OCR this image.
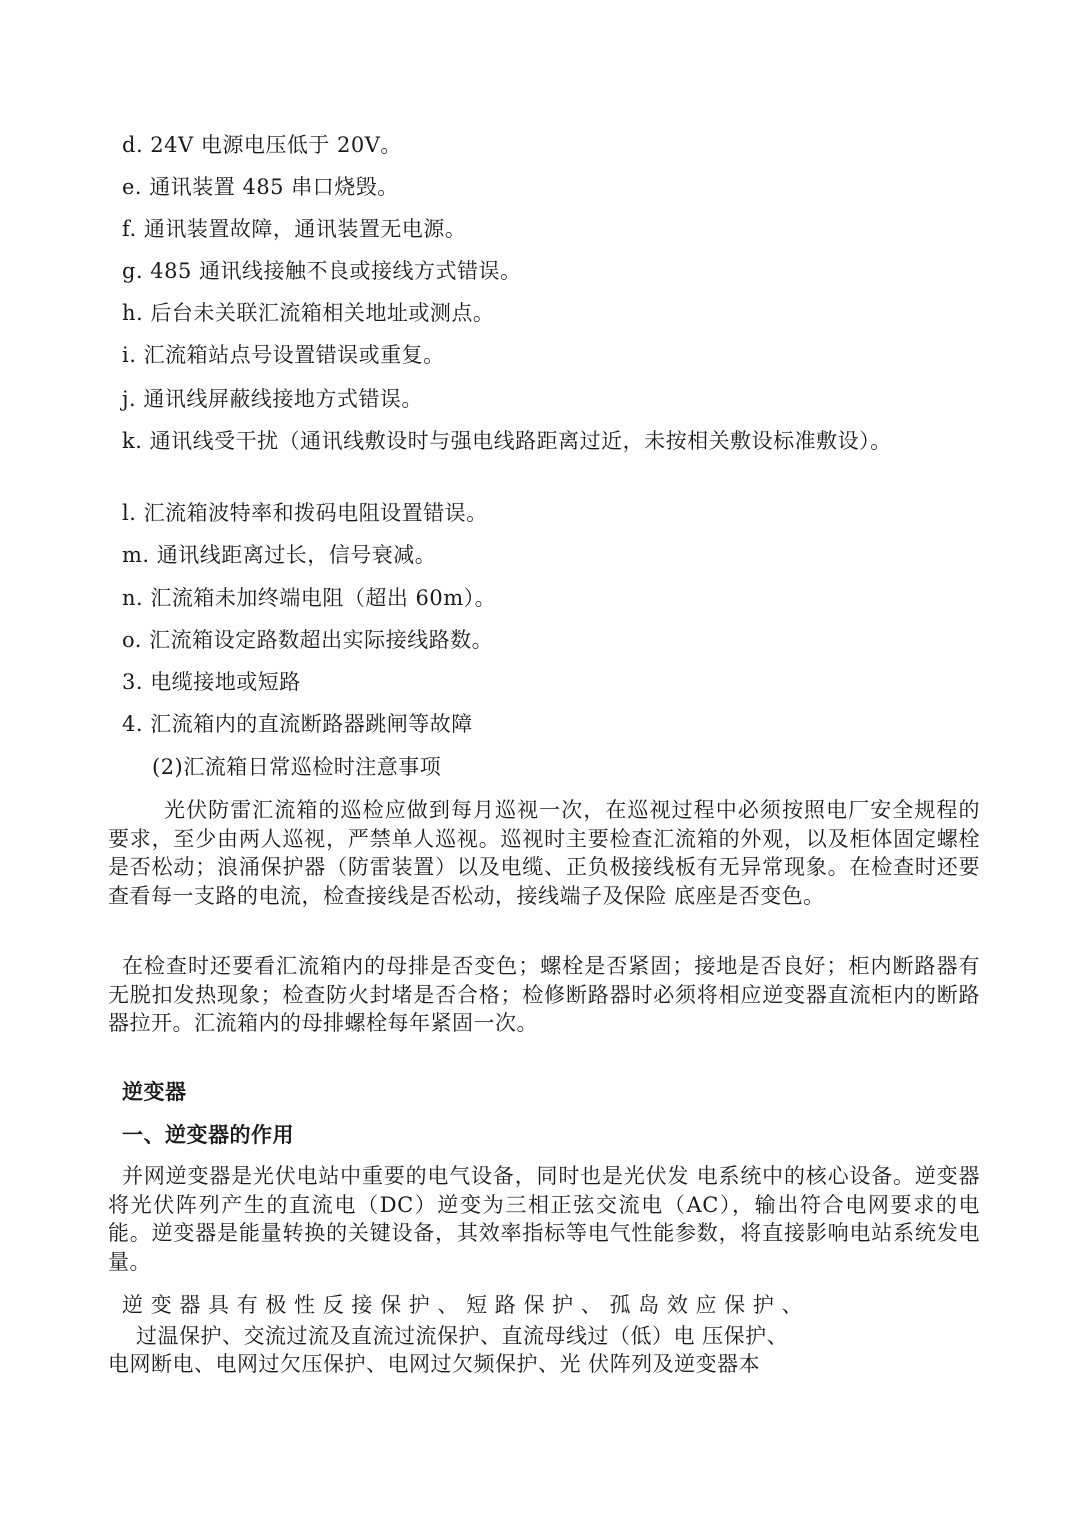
d. 24V 电源电压低于 20V。
e. 通讯装置 485 串口烧毁。
f. 通讯装置故障，通讯装置无电源。
g. 485 通讯线接触不良或接线方式错误。
h. 后台未关联汇流箱相关地址或测点。
i. 汇流箱站点号设置错误或重复。
j. 通讯线屏蔽线接地方式错误。
k. 通讯线受干扰（通讯线敷设时与强电线路距离过近，未按相关敷设标准敷设）。
l. 汇流箱波特率和拨码电阻设置错误。
m. 通讯线距离过长，信号衰减。
n. 汇流箱未加终端电阻（超出 60m）。
o. 汇流箱设定路数超出实际接线路数。
3. 电缆接地或短路
4. 汇流箱内的直流断路器跳闸等故障
(2)汇流箱日常巡检时注意事项
光伏防雷汇流箱的巡检应做到每月巡视一次，在巡视过程中必须按照电厂安全规程的要求，至少由两人巡视，严禁单人巡视。巡视时主要检查汇流箱的外观，以及柜体固定螺栓是否松动；浪涌保护器（防雷装置）以及电缆、正负极接线板有无异常现象。在检查时还要查看每一支路的电流，检查接线是否松动，接线端子及保险 底座是否变色。
在检查时还要看汇流箱内的母排是否变色；螺栓是否紧固；接地是否良好；柜内断路器有无脱扣发热现象；检查防火封堵是否合格；检修断路器时必须将相应逆变器直流柜内的断路器拉开。汇流箱内的母排螺栓每年紧固一次。
逆变器
一、逆变器的作用
并网逆变器是光伏电站中重要的电气设备，同时也是光伏发 电系统中的核心设备。逆变器将光伏阵列产生的直流电（DC）逆变为三相正弦交流电（AC），输出符合电网要求的电能。逆变器是能量转换的关键设备，其效率指标等电气性能参数，将直接影响电站系统发电量。
逆 变 器 具 有 极 性 反 接 保 护 、 短 路 保 护 、 孤 岛 效 应 保 护 、
过温保护、交流过流及直流过流保护、直流母线过（低）电 压保护、
电网断电、电网过欠压保护、电网过欠频保护、光 伏阵列及逆变器本
